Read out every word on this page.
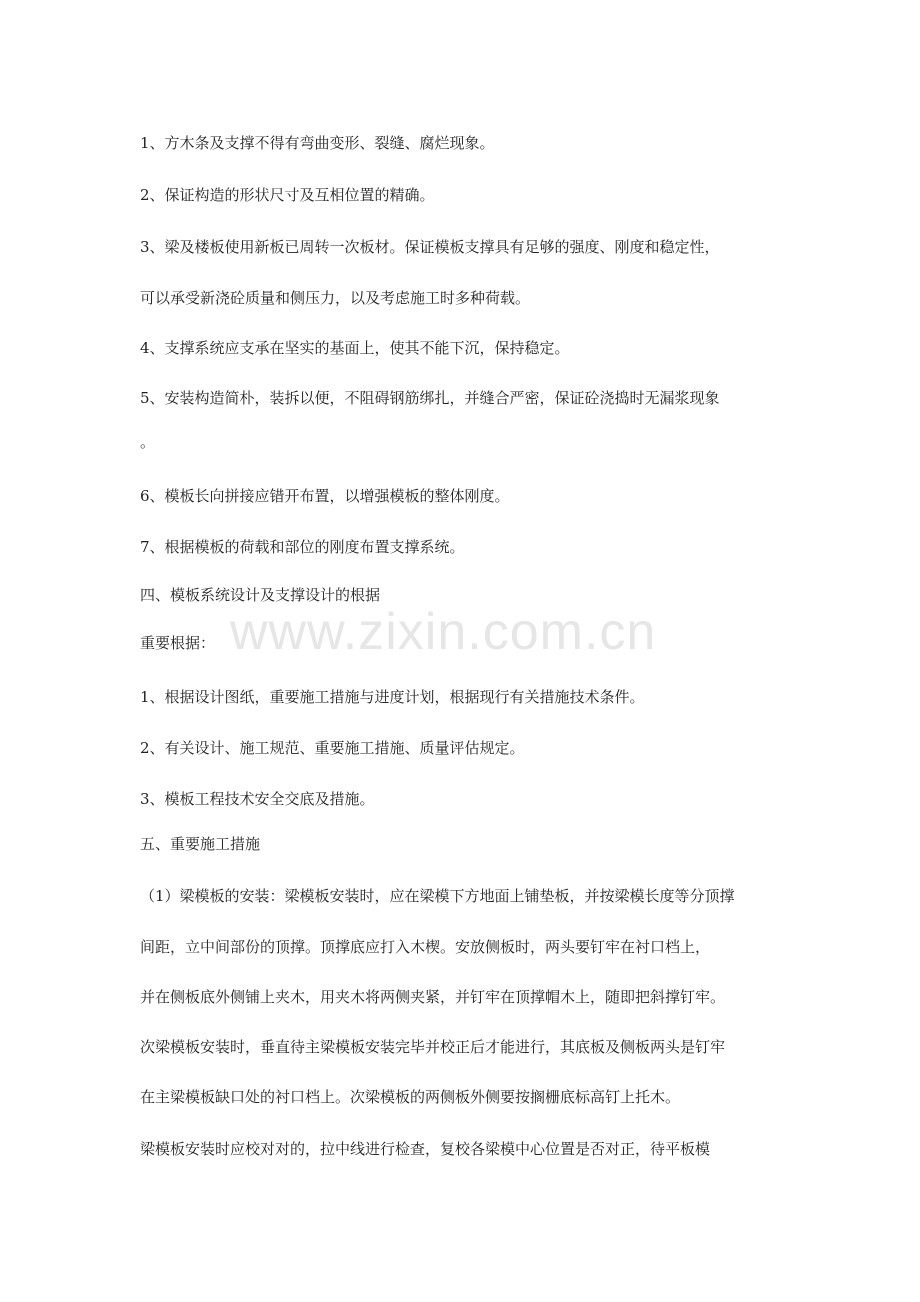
www.zixin.com.cn
1、方木条及支撑不得有弯曲变形、裂缝、腐烂现象。
2、保证构造的形状尺寸及互相位置的精确。
3、梁及楼板使用新板已周转一次板材。保证模板支撑具有足够的强度、刚度和稳定性，
可以承受新浇砼质量和侧压力，以及考虑施工时多种荷载。
4、支撑系统应支承在坚实的基面上，使其不能下沉，保持稳定。
5、安装构造简朴，装拆以便，不阻碍钢筋绑扎，并缝合严密，保证砼浇捣时无漏浆现象
。
6、模板长向拼接应错开布置，以增强模板的整体刚度。
7、根据模板的荷载和部位的刚度布置支撑系统。
四、模板系统设计及支撑设计的根据
重要根据：
1、根据设计图纸，重要施工措施与进度计划，根据现行有关措施技术条件。
2、有关设计、施工规范、重要施工措施、质量评估规定。
3、模板工程技术安全交底及措施。
五、重要施工措施
（1）梁模板的安装：梁模板安装时，应在梁模下方地面上铺垫板，并按梁模长度等分顶撑
间距，立中间部份的顶撑。顶撑底应打入木楔。安放侧板时，两头要钉牢在衬口档上，
并在侧板底外侧铺上夹木，用夹木将两侧夹紧，并钉牢在顶撑帽木上，随即把斜撑钉牢。
次梁模板安装时，垂直待主梁模板安装完毕并校正后才能进行，其底板及侧板两头是钉牢
在主梁模板缺口处的衬口档上。次梁模板的两侧板外侧要按搁栅底标高钉上托木。
梁模板安装时应校对对的，拉中线进行检查，复校各梁模中心位置是否对正，待平板模
